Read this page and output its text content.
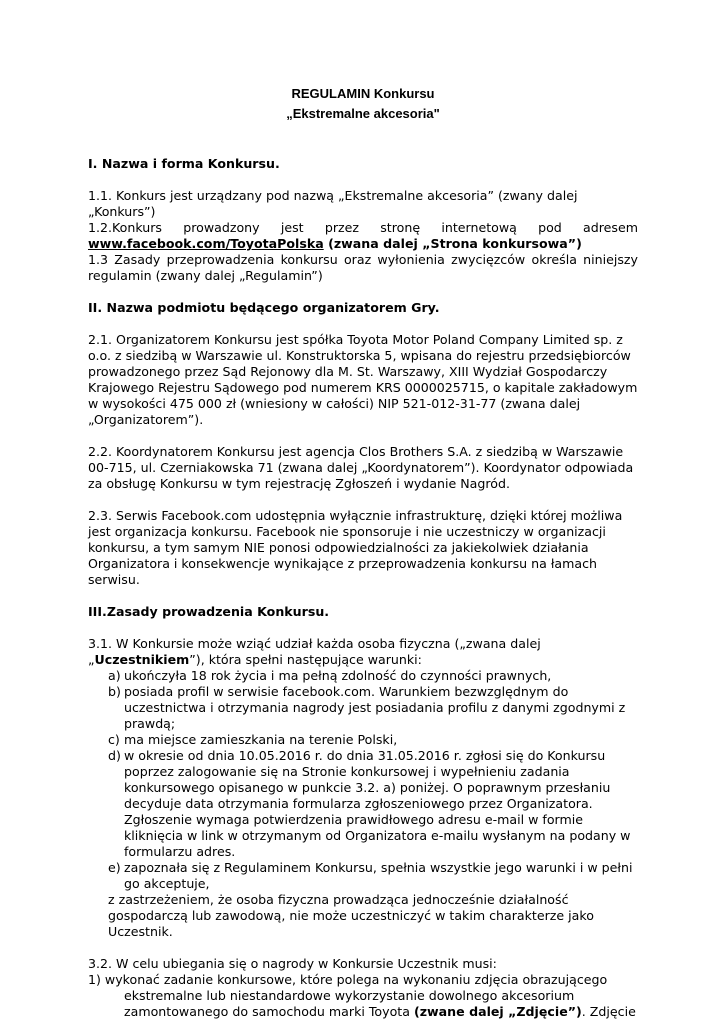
REGULAMIN Konkursu

„Ekstremalne akcesoria"

I. Nazwa i forma Konkursu.

1.1. Konkurs jest urządzany pod nazwą „Ekstremalne akcesoria” (zwany dalej „Konkurs”)

1.2.Konkurs prowadzony jest przez stronę internetową pod adresem

www.facebook.com/ToyotaPolska (zwana dalej „Strona konkursowa”)

1.3 Zasady przeprowadzenia konkursu oraz wyłonienia zwycięzców określa niniejszy

regulamin (zwany dalej „Regulamin”)

II. Nazwa podmiotu będącego organizatorem Gry.

2.1. Organizatorem Konkursu jest spółka Toyota Motor Poland Company Limited sp. z o.o. z siedzibą w Warszawie ul. Konstruktorska 5, wpisana do rejestru przedsiębiorców prowadzonego przez Sąd Rejonowy dla M. St. Warszawy, XIII Wydział Gospodarczy Krajowego Rejestru Sądowego pod numerem KRS 0000025715, o kapitale zakładowym w wysokości 475 000 zł (wniesiony w całości) NIP 521-012-31-77 (zwana dalej „Organizatorem”).

2.2. Koordynatorem Konkursu jest agencja Clos Brothers S.A. z siedzibą w Warszawie 00-715, ul. Czerniakowska 71 (zwana dalej „Koordynatorem”). Koordynator odpowiada za obsługę Konkursu w tym rejestrację Zgłoszeń i wydanie Nagród.

2.3. Serwis Facebook.com udostępnia wyłącznie infrastrukturę, dzięki której możliwa jest organizacja konkursu. Facebook nie sponsoruje i nie uczestniczy w organizacji konkursu, a tym samym NIE ponosi odpowiedzialności za jakiekolwiek działania Organizatora i konsekwencje wynikające z przeprowadzenia konkursu na łamach serwisu.

III.Zasady prowadzenia Konkursu.

3.1. W Konkursie może wziąć udział każda osoba fizyczna („zwana dalej

„Uczestnikiem”), która spełni następujące warunki:

a) ukończyła 18 rok życia i ma pełną zdolność do czynności prawnych,
b) posiada profil w serwisie facebook.com. Warunkiem bezwzględnym do uczestnictwa i otrzymania nagrody jest posiadania profilu z danymi zgodnymi z prawdą;
c) ma miejsce zamieszkania na terenie Polski,
d) w okresie od dnia 10.05.2016 r. do dnia 31.05.2016 r. zgłosi się do Konkursu poprzez zalogowanie się na Stronie konkursowej i wypełnieniu zadania konkursowego opisanego w punkcie 3.2. a) poniżej. O poprawnym przesłaniu decyduje data otrzymania formularza zgłoszeniowego przez Organizatora. Zgłoszenie wymaga potwierdzenia prawidłowego adresu e-mail w formie kliknięcia w link w otrzymanym od Organizatora e-mailu wysłanym na podany w formularzu adres.
e) zapoznała się z Regulaminem Konkursu, spełnia wszystkie jego warunki i w pełni go akceptuje,

z zastrzeżeniem, że osoba fizyczna prowadząca jednocześnie działalność gospodarczą lub zawodową, nie może uczestniczyć w takim charakterze jako Uczestnik.

3.2. W celu ubiegania się o nagrody w Konkursie Uczestnik musi:

1) wykonać zadanie konkursowe, które polega na wykonaniu zdjęcia obrazującego ekstremalne lub niestandardowe wykorzystanie dowolnego akcesorium zamontowanego do samochodu marki Toyota (zwane dalej „Zdjęcie”). Zdjęcie
